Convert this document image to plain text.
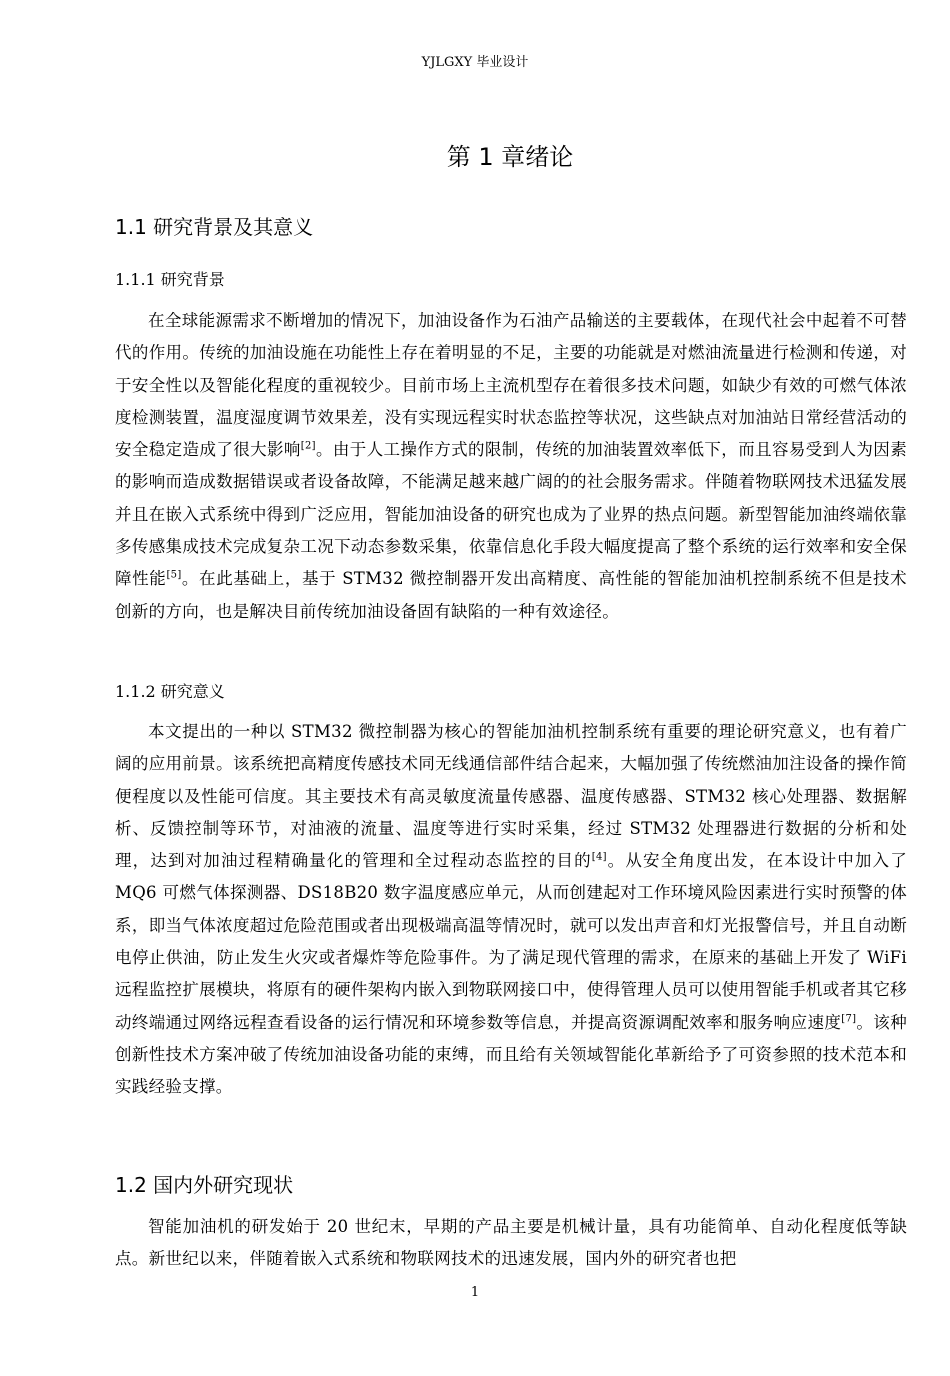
YJLGXY 毕业设计
第 1 章绪论
1.1 研究背景及其意义
1.1.1 研究背景

在全球能源需求不断增加的情况下，加油设备作为石油产品输送的主要载体，在现代社会中起着不可替代的作用。传统的加油设施在功能性上存在着明显的不足，主要的功能就是对燃油流量进行检测和传递，对于安全性以及智能化程度的重视较少。目前市场上主流机型存在着很多技术问题，如缺少有效的可燃气体浓度检测装置，温度湿度调节效果差，没有实现远程实时状态监控等状况，这些缺点对加油站日常经营活动的安全稳定造成了很大影响[2]。由于人工操作方式的限制，传统的加油装置效率低下，而且容易受到人为因素的影响而造成数据错误或者设备故障，不能满足越来越广阔的的社会服务需求。伴随着物联网技术迅猛发展并且在嵌入式系统中得到广泛应用，智能加油设备的研究也成为了业界的热点问题。新型智能加油终端依靠多传感集成技术完成复杂工况下动态参数采集，依靠信息化手段大幅度提高了整个系统的运行效率和安全保障性能[5]。在此基础上，基于 STM32 微控制器开发出高精度、高性能的智能加油机控制系统不但是技术创新的方向，也是解决目前传统加油设备固有缺陷的一种有效途径。

1.1.2 研究意义

本文提出的一种以 STM32 微控制器为核心的智能加油机控制系统有重要的理论研究意义，也有着广阔的应用前景。该系统把高精度传感技术同无线通信部件结合起来，大幅加强了传统燃油加注设备的操作简便程度以及性能可信度。其主要技术有高灵敏度流量传感器、温度传感器、STM32 核心处理器、数据解析、反馈控制等环节，对油液的流量、温度等进行实时采集，经过 STM32 处理器进行数据的分析和处理，达到对加油过程精确量化的管理和全过程动态监控的目的[4]。从安全角度出发，在本设计中加入了 MQ6 可燃气体探测器、DS18B20 数字温度感应单元，从而创建起对工作环境风险因素进行实时预警的体系，即当气体浓度超过危险范围或者出现极端高温等情况时，就可以发出声音和灯光报警信号，并且自动断电停止供油，防止发生火灾或者爆炸等危险事件。为了满足现代管理的需求，在原来的基础上开发了 WiFi 远程监控扩展模块，将原有的硬件架构内嵌入到物联网接口中，使得管理人员可以使用智能手机或者其它移动终端通过网络远程查看设备的运行情况和环境参数等信息，并提高资源调配效率和服务响应速度[7]。该种创新性技术方案冲破了传统加油设备功能的束缚，而且给有关领域智能化革新给予了可资参照的技术范本和实践经验支撑。

1.2 国内外研究现状

智能加油机的研发始于 20 世纪末，早期的产品主要是机械计量，具有功能简单、自动化程度低等缺点。新世纪以来，伴随着嵌入式系统和物联网技术的迅速发展，国内外的研究者也把

1
